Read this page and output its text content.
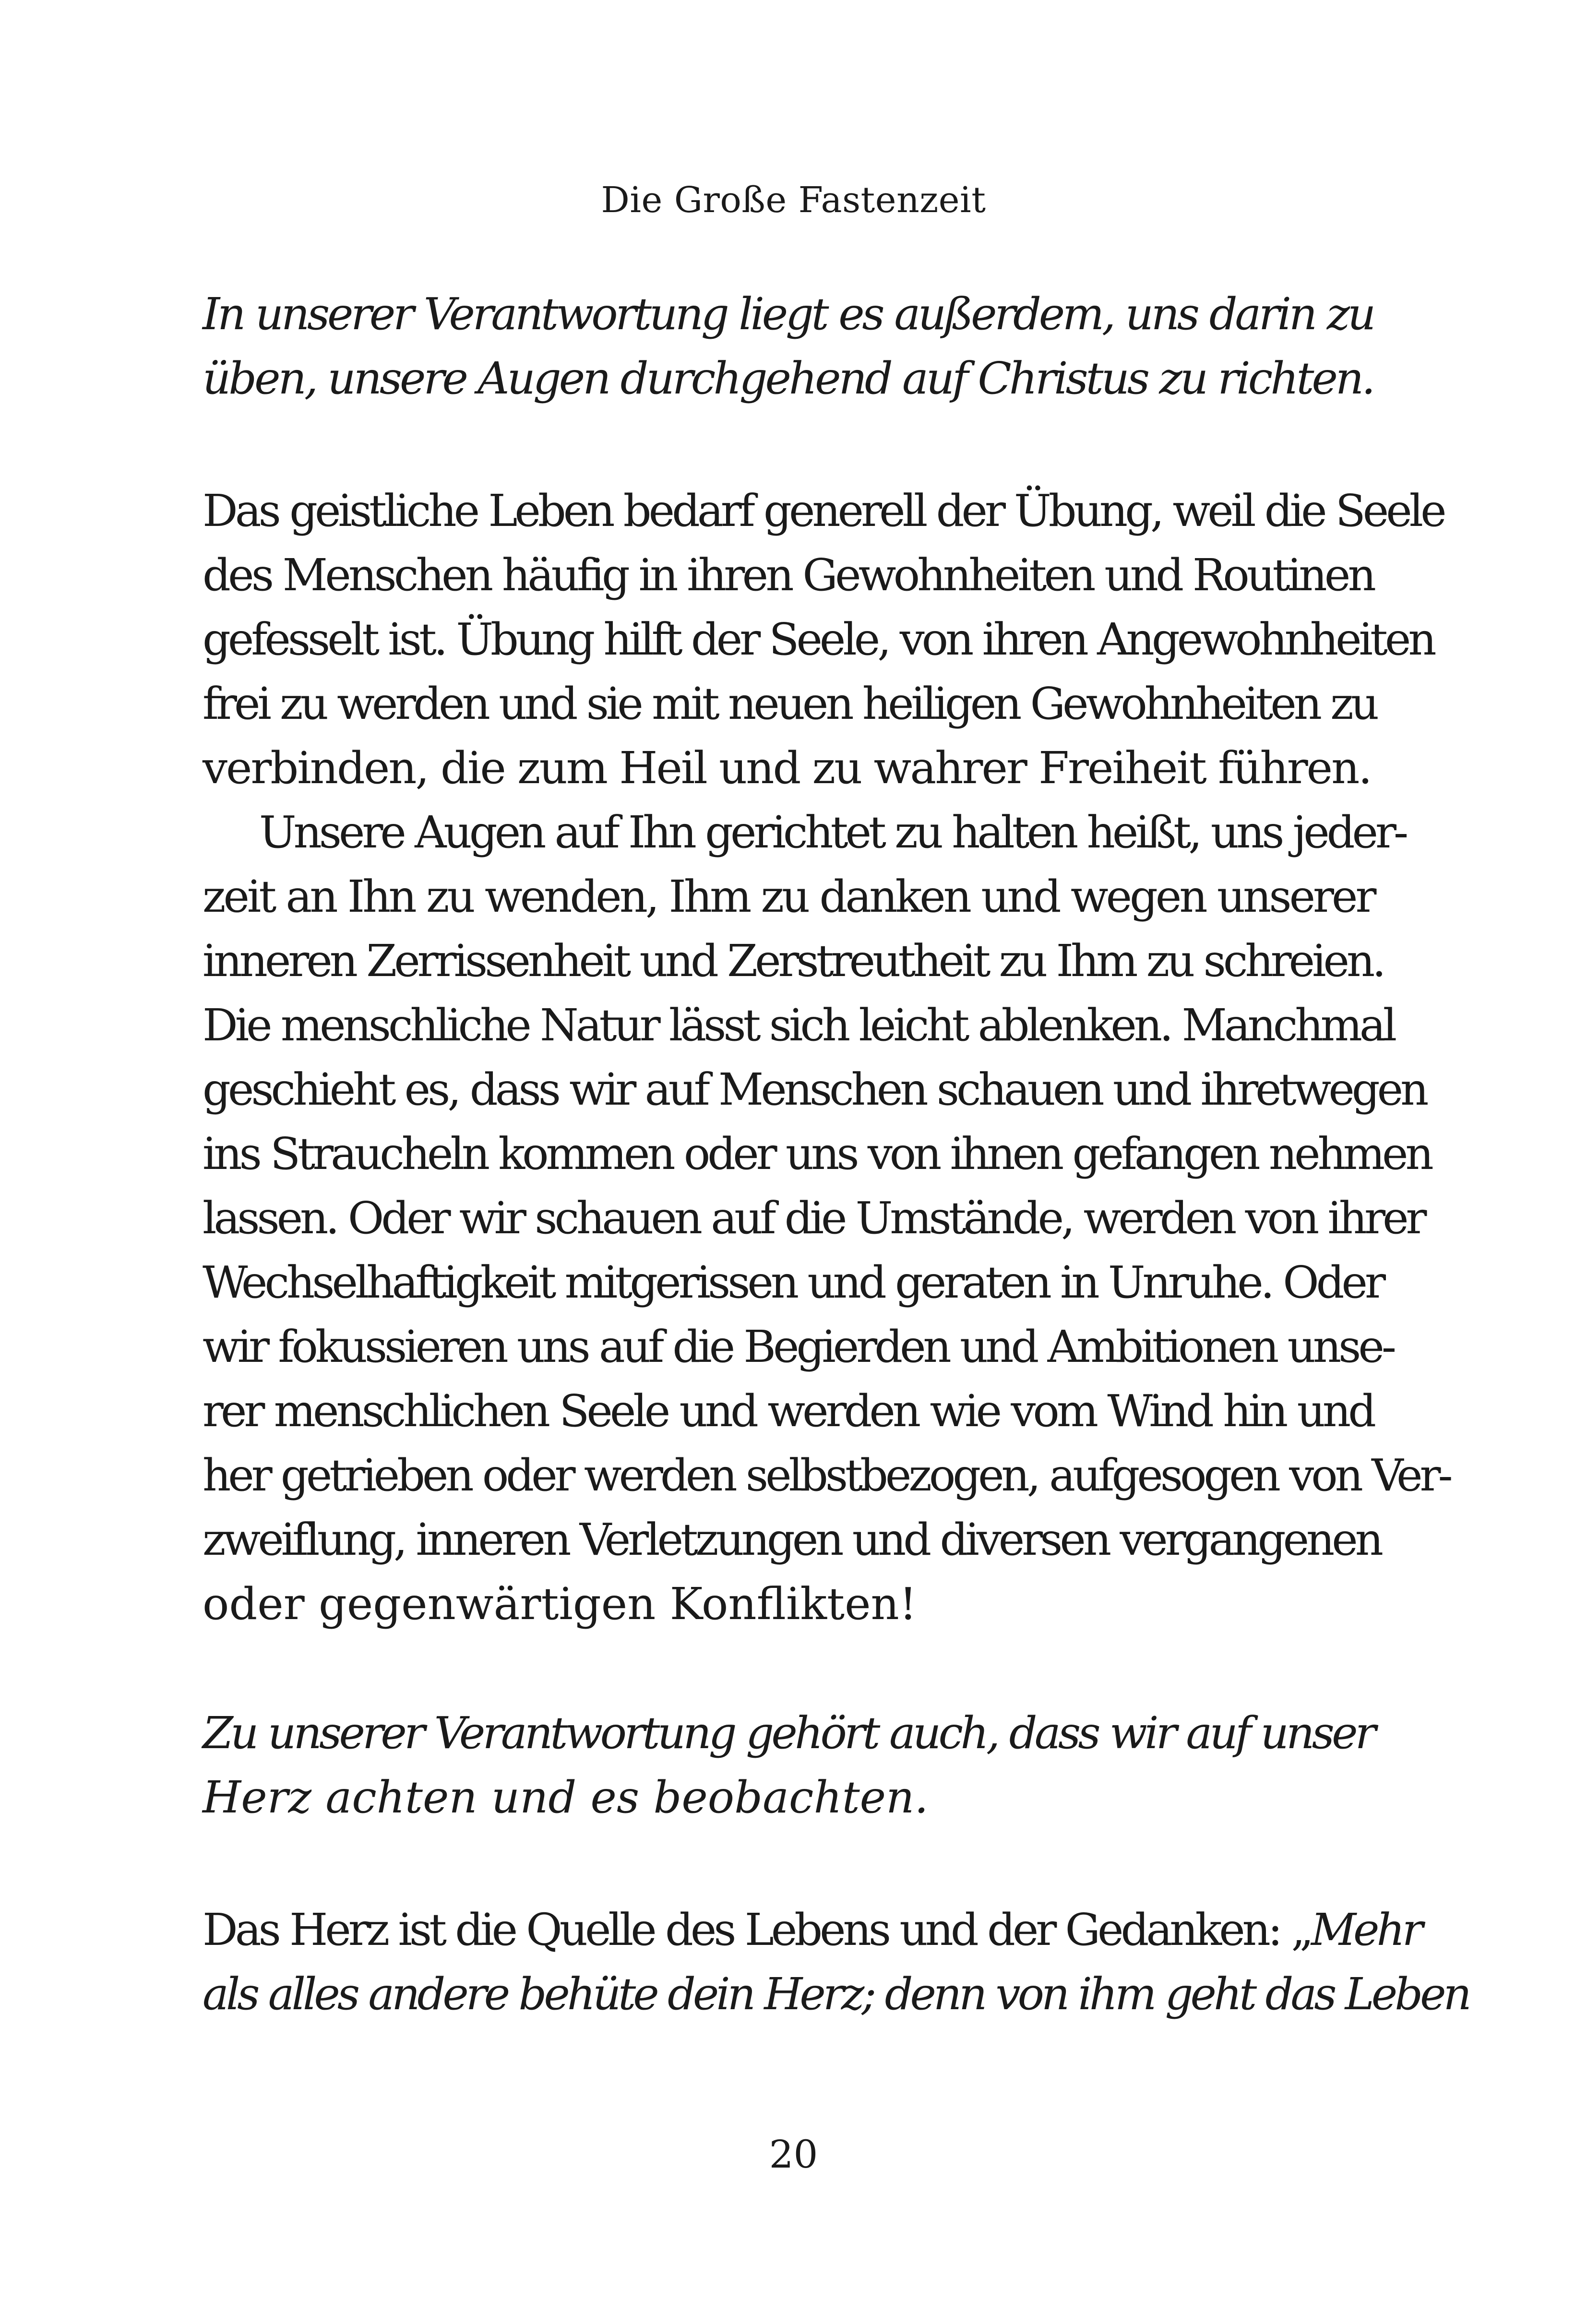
Die Große Fastenzeit
In unserer Verantwortung liegt es außerdem, uns darin zu
üben, unsere Augen durchgehend auf Christus zu richten.
Das geistliche Leben bedarf generell der Übung, weil die Seele
des Menschen häufig in ihren Gewohnheiten und Routinen
gefesselt ist. Übung hilft der Seele, von ihren Angewohnheiten
frei zu werden und sie mit neuen heiligen Gewohnheiten zu
verbinden, die zum Heil und zu wahrer Freiheit führen.
Unsere Augen auf Ihn gerichtet zu halten heißt, uns jeder-
zeit an Ihn zu wenden, Ihm zu danken und wegen unserer
inneren Zerrissenheit und Zerstreutheit zu Ihm zu schreien.
Die menschliche Natur lässt sich leicht ablenken. Manchmal
geschieht es, dass wir auf Menschen schauen und ihretwegen
ins Straucheln kommen oder uns von ihnen gefangen nehmen
lassen. Oder wir schauen auf die Umstände, werden von ihrer
Wechselhaftigkeit mitgerissen und geraten in Unruhe. Oder
wir fokussieren uns auf die Begierden und Ambitionen unse-
rer menschlichen Seele und werden wie vom Wind hin und
her getrieben oder werden selbstbezogen, aufgesogen von Ver-
zweiflung, inneren Verletzungen und diversen vergangenen
oder gegenwärtigen Konflikten!
Zu unserer Verantwortung gehört auch, dass wir auf unser
Herz achten und es beobachten.
Das Herz ist die Quelle des Lebens und der Gedanken: „Mehr
als alles andere behüte dein Herz; denn von ihm geht das Leben
20
